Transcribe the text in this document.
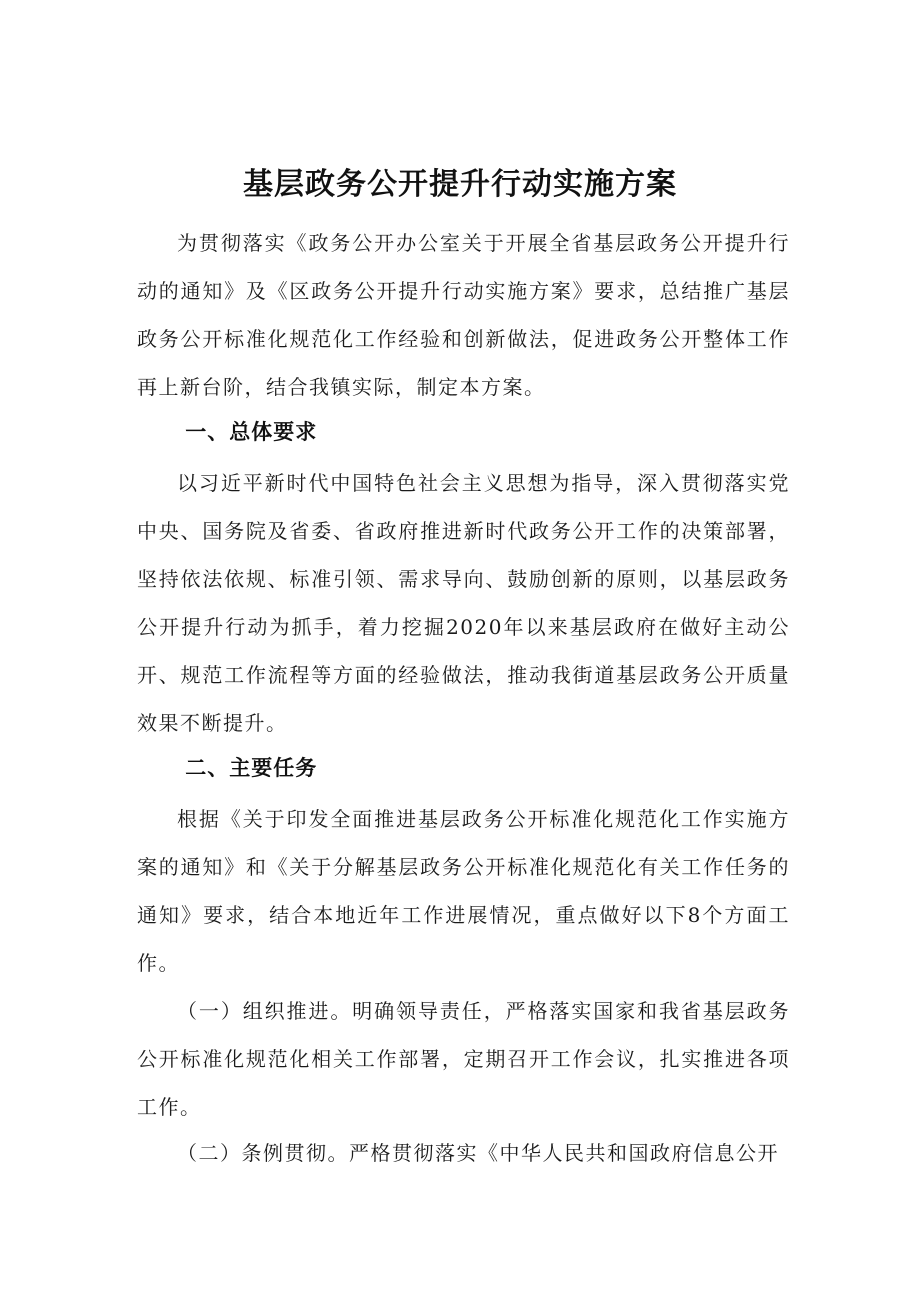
基层政务公开提升行动实施方案

为贯彻落实《政务公开办公室关于开展全省基层政务公开提升行动的通知》及《区政务公开提升行动实施方案》要求，总结推广基层政务公开标准化规范化工作经验和创新做法，促进政务公开整体工作再上新台阶，结合我镇实际，制定本方案。

一、总体要求

以习近平新时代中国特色社会主义思想为指导，深入贯彻落实党中央、国务院及省委、省政府推进新时代政务公开工作的决策部署，坚持依法依规、标准引领、需求导向、鼓励创新的原则，以基层政务公开提升行动为抓手，着力挖掘2020年以来基层政府在做好主动公开、规范工作流程等方面的经验做法，推动我街道基层政务公开质量效果不断提升。

二、主要任务

根据《关于印发全面推进基层政务公开标准化规范化工作实施方案的通知》和《关于分解基层政务公开标准化规范化有关工作任务的通知》要求，结合本地近年工作进展情况，重点做好以下8个方面工作。

（一）组织推进。明确领导责任，严格落实国家和我省基层政务公开标准化规范化相关工作部署，定期召开工作会议，扎实推进各项工作。

（二）条例贯彻。严格贯彻落实《中华人民共和国政府信息公开
